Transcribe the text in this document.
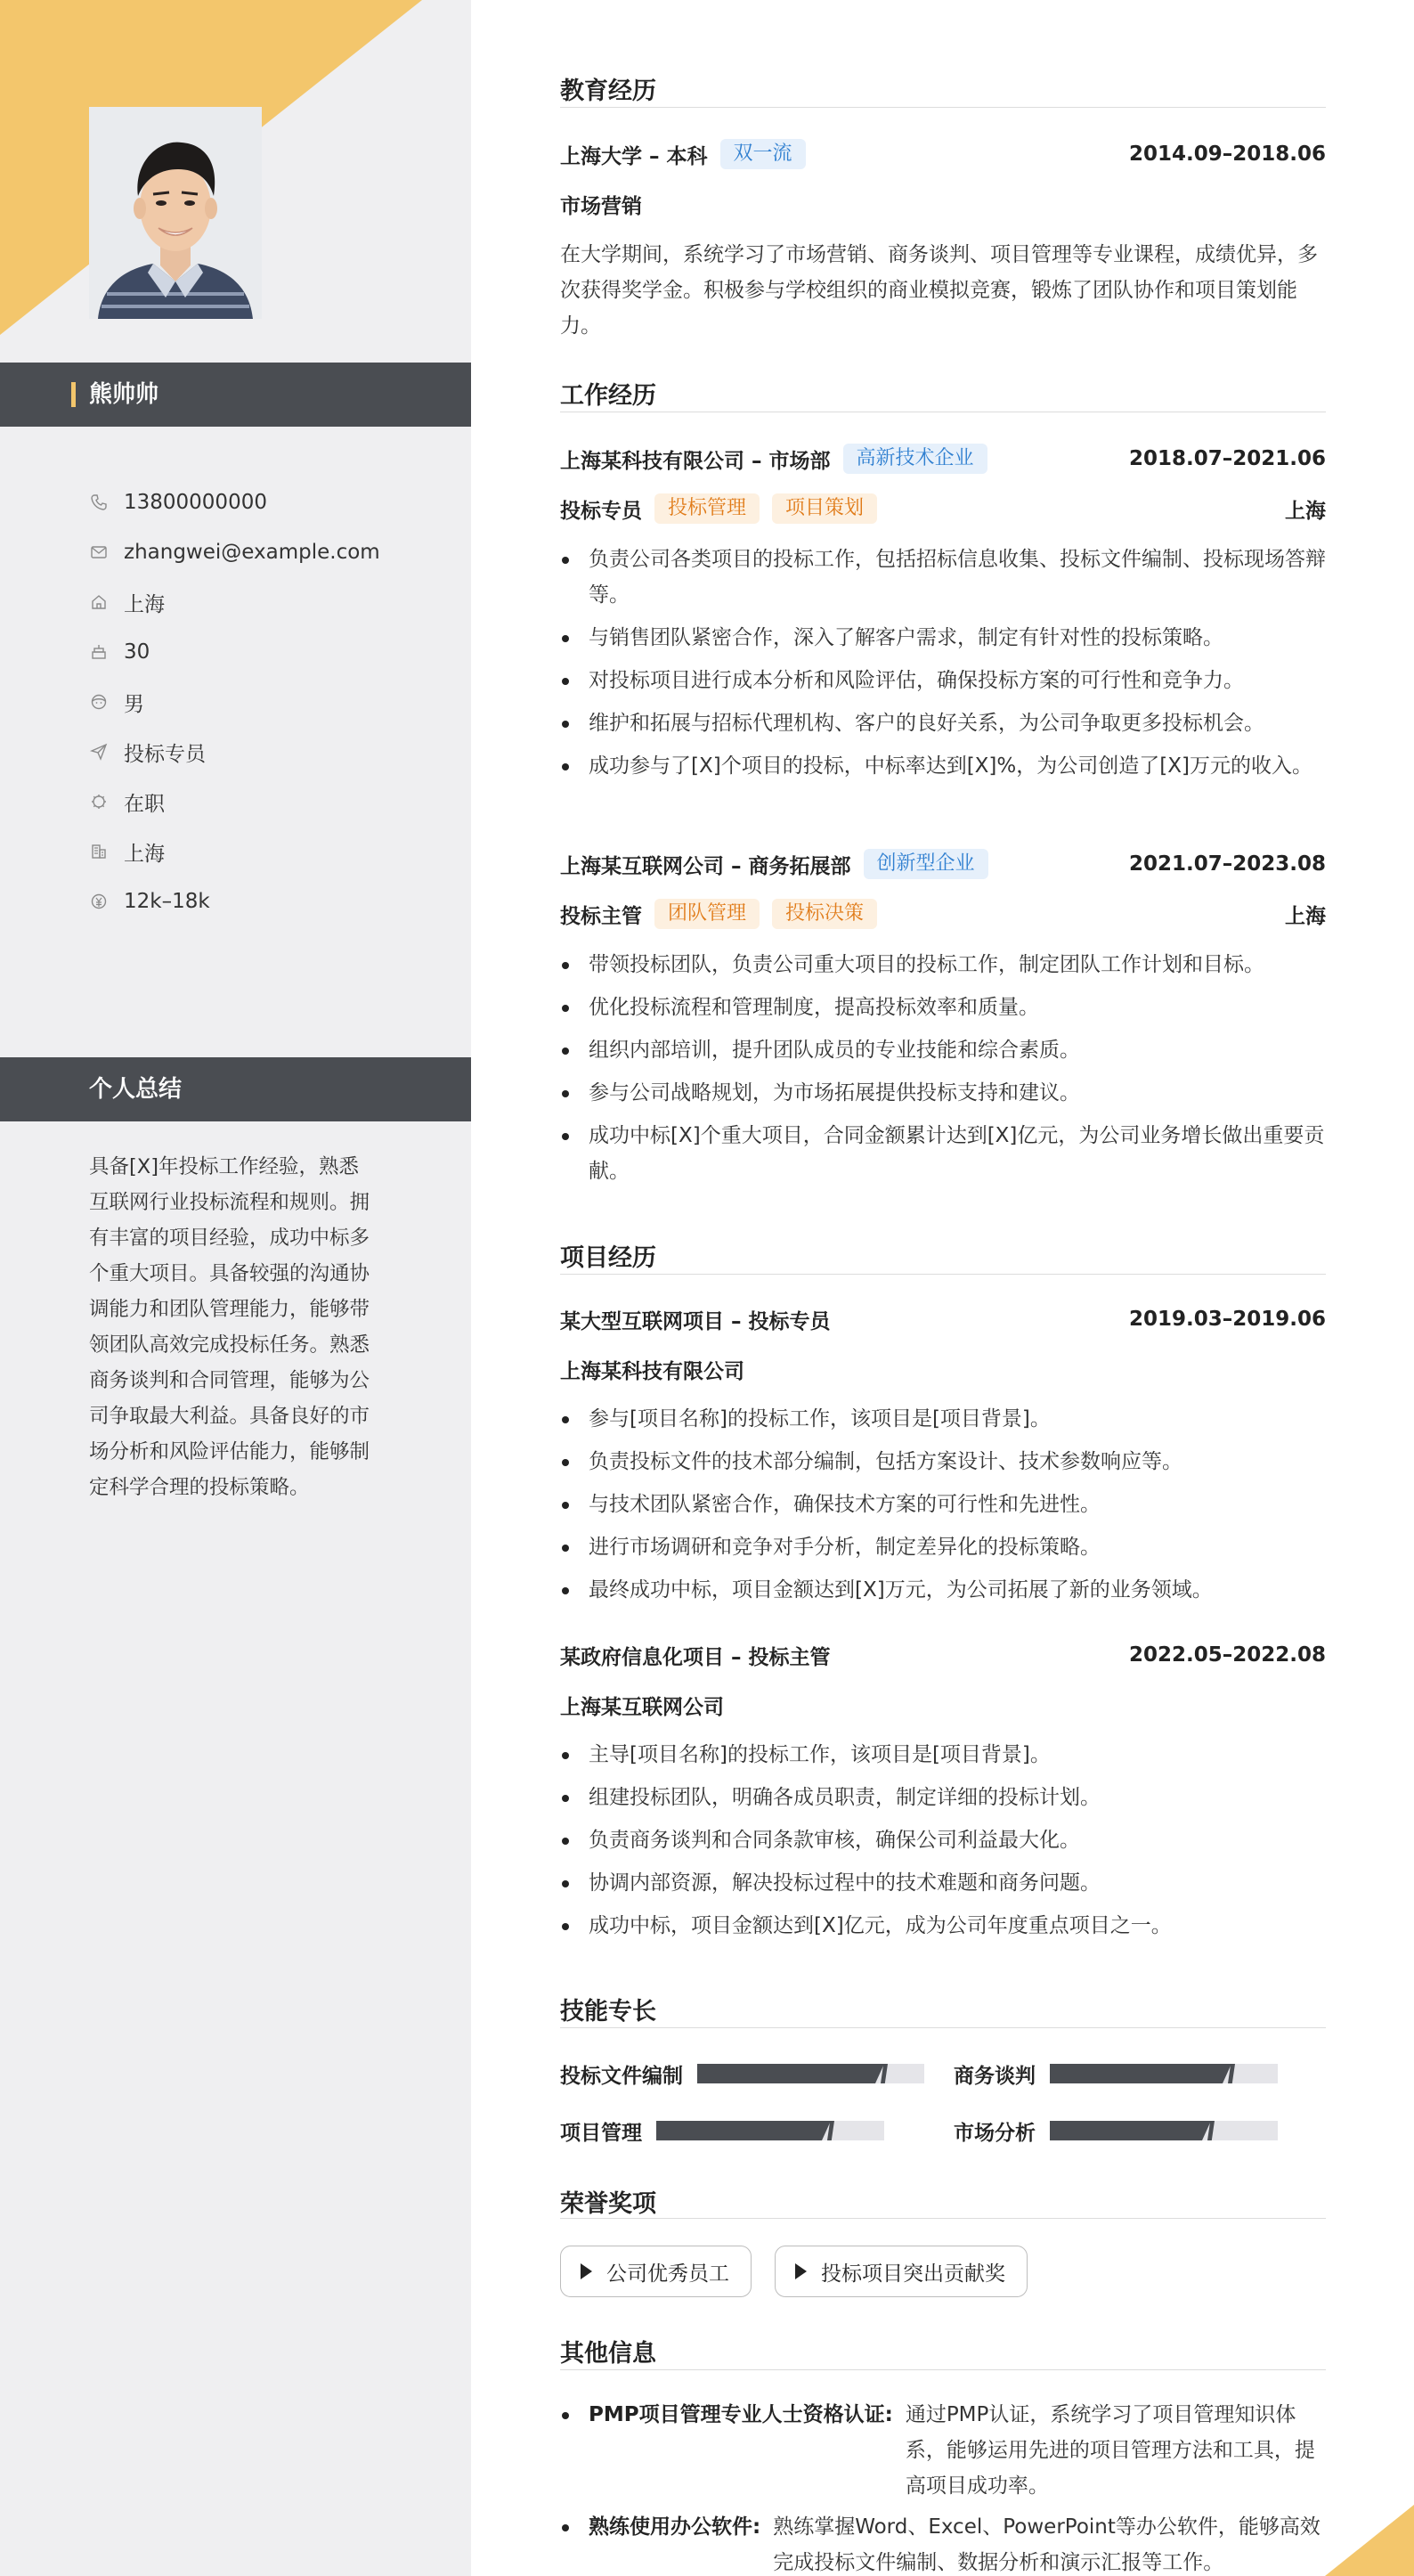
熊帅帅
13800000000
zhangwei@example.com
上海
30
男
投标专员
在职
上海
12k–18k
个人总结
具备[X]年投标工作经验，熟悉互联网行业投标流程和规则。拥有丰富的项目经验，成功中标多个重大项目。具备较强的沟通协调能力和团队管理能力，能够带领团队高效完成投标任务。熟悉商务谈判和合同管理，能够为公司争取最大利益。具备良好的市场分析和风险评估能力，能够制定科学合理的投标策略。
教育经历
上海大学 – 本科	双一流	2014.09–2018.06
市场营销
在大学期间，系统学习了市场营销、商务谈判、项目管理等专业课程，成绩优异，多次获得奖学金。积极参与学校组织的商业模拟竞赛，锻炼了团队协作和项目策划能力。
工作经历
上海某科技有限公司 – 市场部	高新技术企业	2018.07–2021.06
投标专员	投标管理	项目策划	上海
负责公司各类项目的投标工作，包括招标信息收集、投标文件编制、投标现场答辩等。
与销售团队紧密合作，深入了解客户需求，制定有针对性的投标策略。
对投标项目进行成本分析和风险评估，确保投标方案的可行性和竞争力。
维护和拓展与招标代理机构、客户的良好关系，为公司争取更多投标机会。
成功参与了[X]个项目的投标，中标率达到[X]%，为公司创造了[X]万元的收入。
上海某互联网公司 – 商务拓展部	创新型企业	2021.07–2023.08
投标主管	团队管理	投标决策	上海
带领投标团队，负责公司重大项目的投标工作，制定团队工作计划和目标。
优化投标流程和管理制度，提高投标效率和质量。
组织内部培训，提升团队成员的专业技能和综合素质。
参与公司战略规划，为市场拓展提供投标支持和建议。
成功中标[X]个重大项目，合同金额累计达到[X]亿元，为公司业务增长做出重要贡献。
项目经历
某大型互联网项目 – 投标专员	2019.03–2019.06
上海某科技有限公司
参与[项目名称]的投标工作，该项目是[项目背景]。
负责投标文件的技术部分编制，包括方案设计、技术参数响应等。
与技术团队紧密合作，确保技术方案的可行性和先进性。
进行市场调研和竞争对手分析，制定差异化的投标策略。
最终成功中标，项目金额达到[X]万元，为公司拓展了新的业务领域。
某政府信息化项目 – 投标主管	2022.05–2022.08
上海某互联网公司
主导[项目名称]的投标工作，该项目是[项目背景]。
组建投标团队，明确各成员职责，制定详细的投标计划。
负责商务谈判和合同条款审核，确保公司利益最大化。
协调内部资源，解决投标过程中的技术难题和商务问题。
成功中标，项目金额达到[X]亿元，成为公司年度重点项目之一。
技能专长
投标文件编制	商务谈判
项目管理	市场分析
荣誉奖项
公司优秀员工	投标项目突出贡献奖
其他信息
PMP项目管理专业人士资格认证: 通过PMP认证，系统学习了项目管理知识体系，能够运用先进的项目管理方法和工具，提高项目成功率。
熟练使用办公软件: 熟练掌握Word、Excel、PowerPoint等办公软件，能够高效完成投标文件编制、数据分析和演示汇报等工作。
